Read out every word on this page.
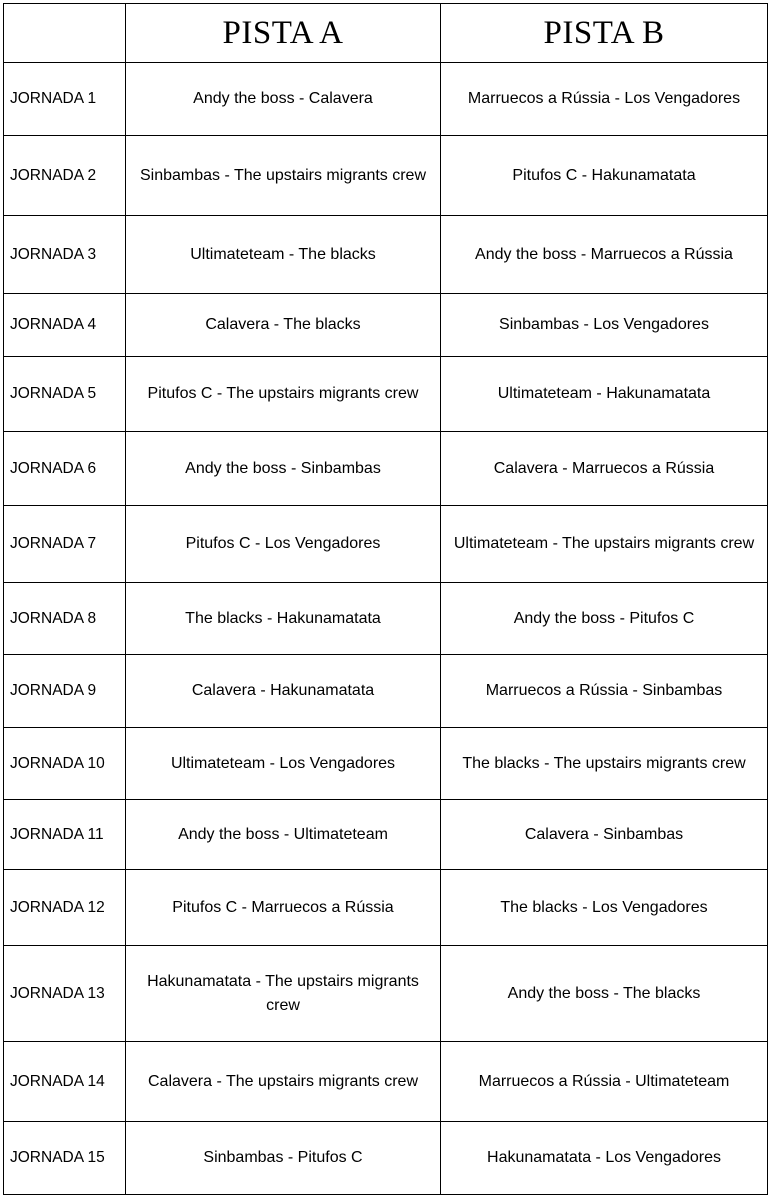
	PISTA A	PISTA B
JORNADA 1	Andy the boss - Calavera	Marruecos a Rússia - Los Vengadores
JORNADA 2	Sinbambas - The upstairs migrants crew	Pitufos C - Hakunamatata
JORNADA 3	Ultimateteam - The blacks	Andy the boss - Marruecos a Rússia
JORNADA 4	Calavera - The blacks	Sinbambas - Los Vengadores
JORNADA 5	Pitufos C - The upstairs migrants crew	Ultimateteam - Hakunamatata
JORNADA 6	Andy the boss - Sinbambas	Calavera - Marruecos a Rússia
JORNADA 7	Pitufos C - Los Vengadores	Ultimateteam - The upstairs migrants crew
JORNADA 8	The blacks - Hakunamatata	Andy the boss - Pitufos C
JORNADA 9	Calavera - Hakunamatata	Marruecos a Rússia - Sinbambas
JORNADA 10	Ultimateteam - Los Vengadores	The blacks - The upstairs migrants crew
JORNADA 11	Andy the boss - Ultimateteam	Calavera - Sinbambas
JORNADA 12	Pitufos C - Marruecos a Rússia	The blacks - Los Vengadores
JORNADA 13	Hakunamatata - The upstairs migrants crew	Andy the boss - The blacks
JORNADA 14	Calavera - The upstairs migrants crew	Marruecos a Rússia - Ultimateteam
JORNADA 15	Sinbambas - Pitufos C	Hakunamatata - Los Vengadores
